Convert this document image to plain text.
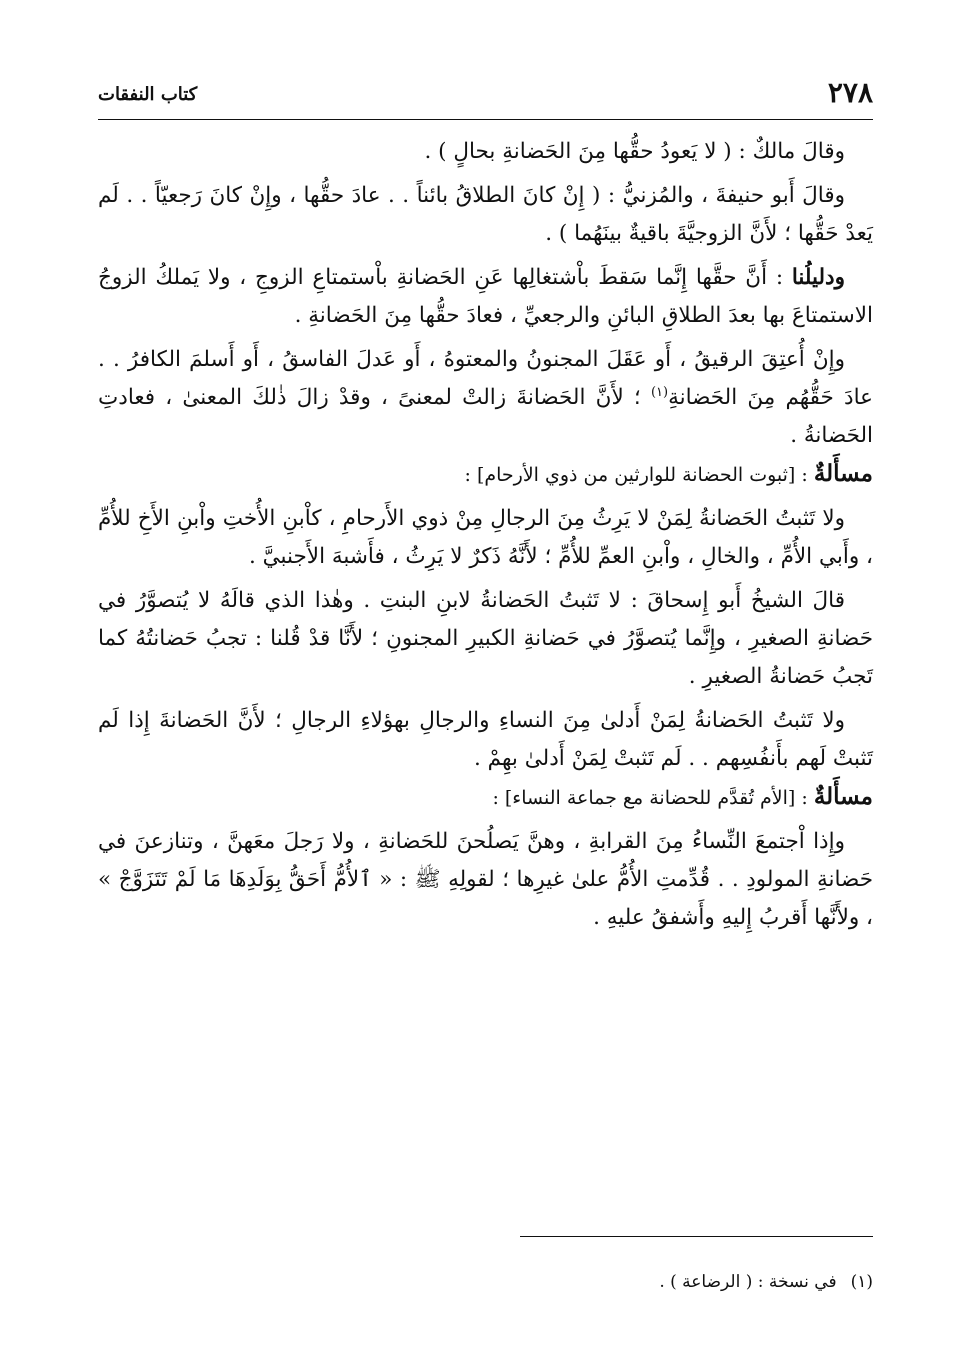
٢٧٨
كتاب النفقات

وقالَ مالكٌ : ( لا يَعودُ حقُّها مِنَ الحَضانةِ بحالٍ ) .

وقالَ أَبو حنيفةَ ، والمُزنيُّ : ( إِنْ كانَ الطلاقُ بائناً . . عادَ حقُّها ، وإِنْ كانَ رَجعيّاً . . لَم يَعدْ حَقُّها ؛ لأَنَّ الزوجيَّةَ باقيةٌ بينَهُما ) .

ودليلُنا : أَنَّ حقَّها إِنَّما سَقطَ باْشتغالِها عَنِ الحَضانةِ باْستمتاعِ الزوجِ ، ولا يَملكُ الزوجُ الاستمتاعَ بها بعدَ الطلاقِ البائنِ والرجعيِّ ، فعادَ حقُّها مِنَ الحَضانةِ .

وإِنْ أُعتِقَ الرقيقُ ، أَو عَقَلَ المجنونُ والمعتوهُ ، أَو عَدلَ الفاسقُ ، أَو أَسلمَ الكافرُ . . عادَ حَقُّهُم مِنَ الحَضانةِ$^{(١)}$ ؛ لأَنَّ الحَضانةَ زالتْ لمعنىً ، وقدْ زالَ ذٰلكَ المعنىٰ ، فعادتِ الحَضانةُ .

مسأَلةٌ : [ثبوت الحضانة للوارثين من ذوي الأرحام] :

ولا تَثبتُ الحَضانةُ لِمَنْ لا يَرِثُ مِنَ الرجالِ مِنْ ذوي الأَرحامِ ، كاْبنِ الأُختِ واْبنِ الأَخِ للأُمِّ ، وأَبي الأُمِّ ، والخالِ ، واْبنِ العمِّ للأُمِّ ؛ لأَنَّهُ ذَكرٌ لا يَرِثُ ، فأَشبهَ الأَجنبيَّ .

قالَ الشيخُ أَبو إِسحاقَ : لا تَثبتُ الحَضانةُ لابنِ البنتِ . وهٰذا الذي قالَهُ لا يُتصوَّرُ في حَضانةِ الصغيرِ ، وإِنَّما يُتصوَّرُ في حَضانةِ الكبيرِ المجنونِ ؛ لأَنَّا قدْ قُلنا : تجبُ حَضانتُهُ كما تَجبُ حَضانةُ الصغيرِ .

ولا تَثبتُ الحَضانةُ لِمَنْ أَدلىٰ مِنَ النساءِ والرجالِ بهؤلاءِ الرجالِ ؛ لأَنَّ الحَضانةَ إِذا لَم تَثبتْ لَهم بأَنفُسِهم . . لَم تَثبتْ لِمَنْ أَدلىٰ بهِمْ .

مسأَلةٌ : [الأم تُقدَّم للحضانة مع جماعة النساء] :

وإِذا اْجتمعَ النِّساءُ مِنَ القرابةِ ، وهنَّ يَصلُحنَ للحَضانةِ ، ولا رَجلَ معَهنَّ ، وتنازعنَ في حَضانةِ المولودِ . . قُدِّمتِ الأُمُّ علىٰ غيرِها ؛ لقولِهِ ﷺ : « ٱلأُمُّ أَحَقُّ بِوَلَدِهَا مَا لَمْ تَتَزَوَّجْ » ، ولأَنَّها أَقربُ إِليهِ وأَشفقُ عليهِ .

(١)في نسخة : ( الرضاعة ) .
